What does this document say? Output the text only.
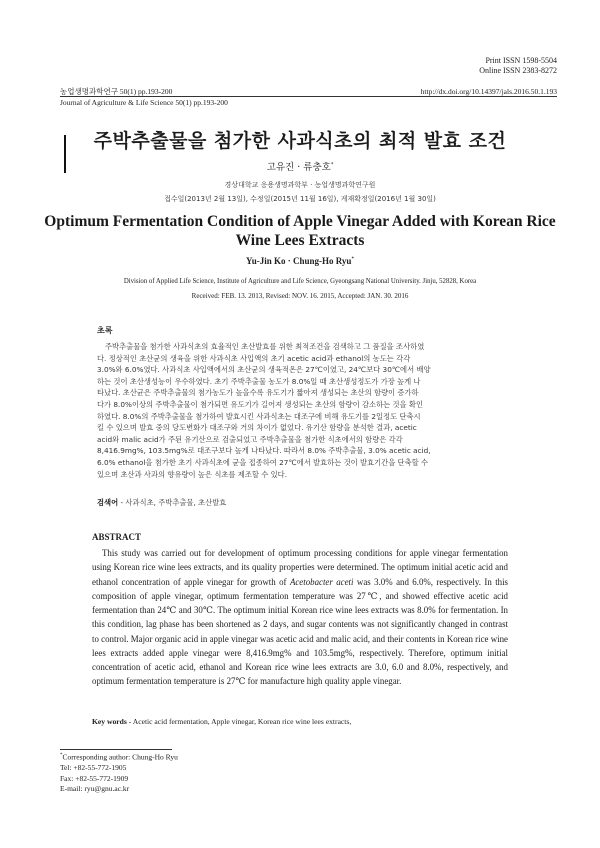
Print ISSN 1598-5504
Online ISSN 2383-8272
농업생명과학연구 50(1) pp.193-200	http://dx.doi.org/10.14397/jals.2016.50.1.193
Journal of Agriculture & Life Science 50(1) pp.193-200
주박추출물을 첨가한 사과식초의 최적 발효 조건
고유진 · 류충호*
경상대학교 응용생명과학부 · 농업생명과학연구원
접수일(2013년 2월 13일), 수정일(2015년 11월 16일), 게재확정일(2016년 1월 30일)
Optimum Fermentation Condition of Apple Vinegar Added with Korean Rice Wine Lees Extracts
Yu-Jin Ko · Chung-Ho Ryu*
Division of Applied Life Science, Institute of Agriculture and Life Science, Gyeongsang National University. Jinju, 52828, Korea
Received: FEB. 13. 2013, Revised: NOV. 16. 2015, Accepted: JAN. 30. 2016
초록
주박추출물을 첨가한 사과식초의 효율적인 초산발효를 위한 최적조건을 검색하고 그 품질을 조사하였
다. 정상적인 초산균의 생육을 위한 사과식초 사입액의 초기 acetic acid과 ethanol의 농도는 각각
3.0%와 6.0%였다. 사과식초 사입액에서의 초산균의 생육적온은 27℃이였고, 24℃보다 30℃에서 배양
하는 것이 초산생성능이 우수하였다. 초기 주박추출물 농도가 8.0%일 때 초산생성정도가 가장 높게 나
타났다. 초산균은 주박추출물의 첨가농도가 높을수록 유도기가 짧아져 생성되는 초산의 함량이 증가하
다가 8.0%이상의 주박추출물이 첨가되면 유도기가 길어져 생성되는 초산의 함량이 감소하는 것을 확인
하였다. 8.0%의 주박추출물을 첨가하여 발효시킨 사과식초는 대조구에 비해 유도기를 2일정도 단축시
킬 수 있으며 발효 중의 당도변화가 대조구와 거의 차이가 없었다. 유기산 함량을 분석한 결과, acetic
acid와 malic acid가 주된 유기산으로 검출되었고 주박추출물을 첨가한 식초에서의 함량은 각각
8,416.9mg%, 103.5mg%로 대조구보다 높게 나타났다. 따라서 8.0% 주박추출물, 3.0% acetic acid,
6.0% ethanol을 첨가한 초기 사과식초에 균을 접종하여 27℃에서 발효하는 것이 발효기간을 단축할 수
있으며 초산과 사과의 향유량이 높은 식초를 제조할 수 있다.
검색어 - 사과식초, 주박추출물, 초산발효
ABSTRACT
This study was carried out for development of optimum processing conditions for apple vinegar fermentation using Korean rice wine lees extracts, and its quality properties were determined. The optimum initial acetic acid and ethanol concentration of apple vinegar for growth of Acetobacter aceti was 3.0% and 6.0%, respectively. In this composition of apple vinegar, optimum fermentation temperature was 27℃, and showed effective acetic acid fermentation than 24℃ and 30℃. The optimum initial Korean rice wine lees extracts was 8.0% for fermentation. In this condition, lag phase has been shortened as 2 days, and sugar contents was not significantly changed in contrast to control. Major organic acid in apple vinegar was acetic acid and malic acid, and their contents in Korean rice wine lees extracts added apple vinegar were 8,416.9mg% and 103.5mg%, respectively. Therefore, optimum initial concentration of acetic acid, ethanol and Korean rice wine lees extracts are 3.0, 6.0 and 8.0%, respectively, and optimum fermentation temperature is 27℃ for manufacture high quality apple vinegar.
Key words - Acetic acid fermentation, Apple vinegar, Korean rice wine lees extracts,
*Corresponding author: Chung-Ho Ryu
Tel: +82-55-772-1905
Fax: +82-55-772-1909
E-mail: ryu@gnu.ac.kr
